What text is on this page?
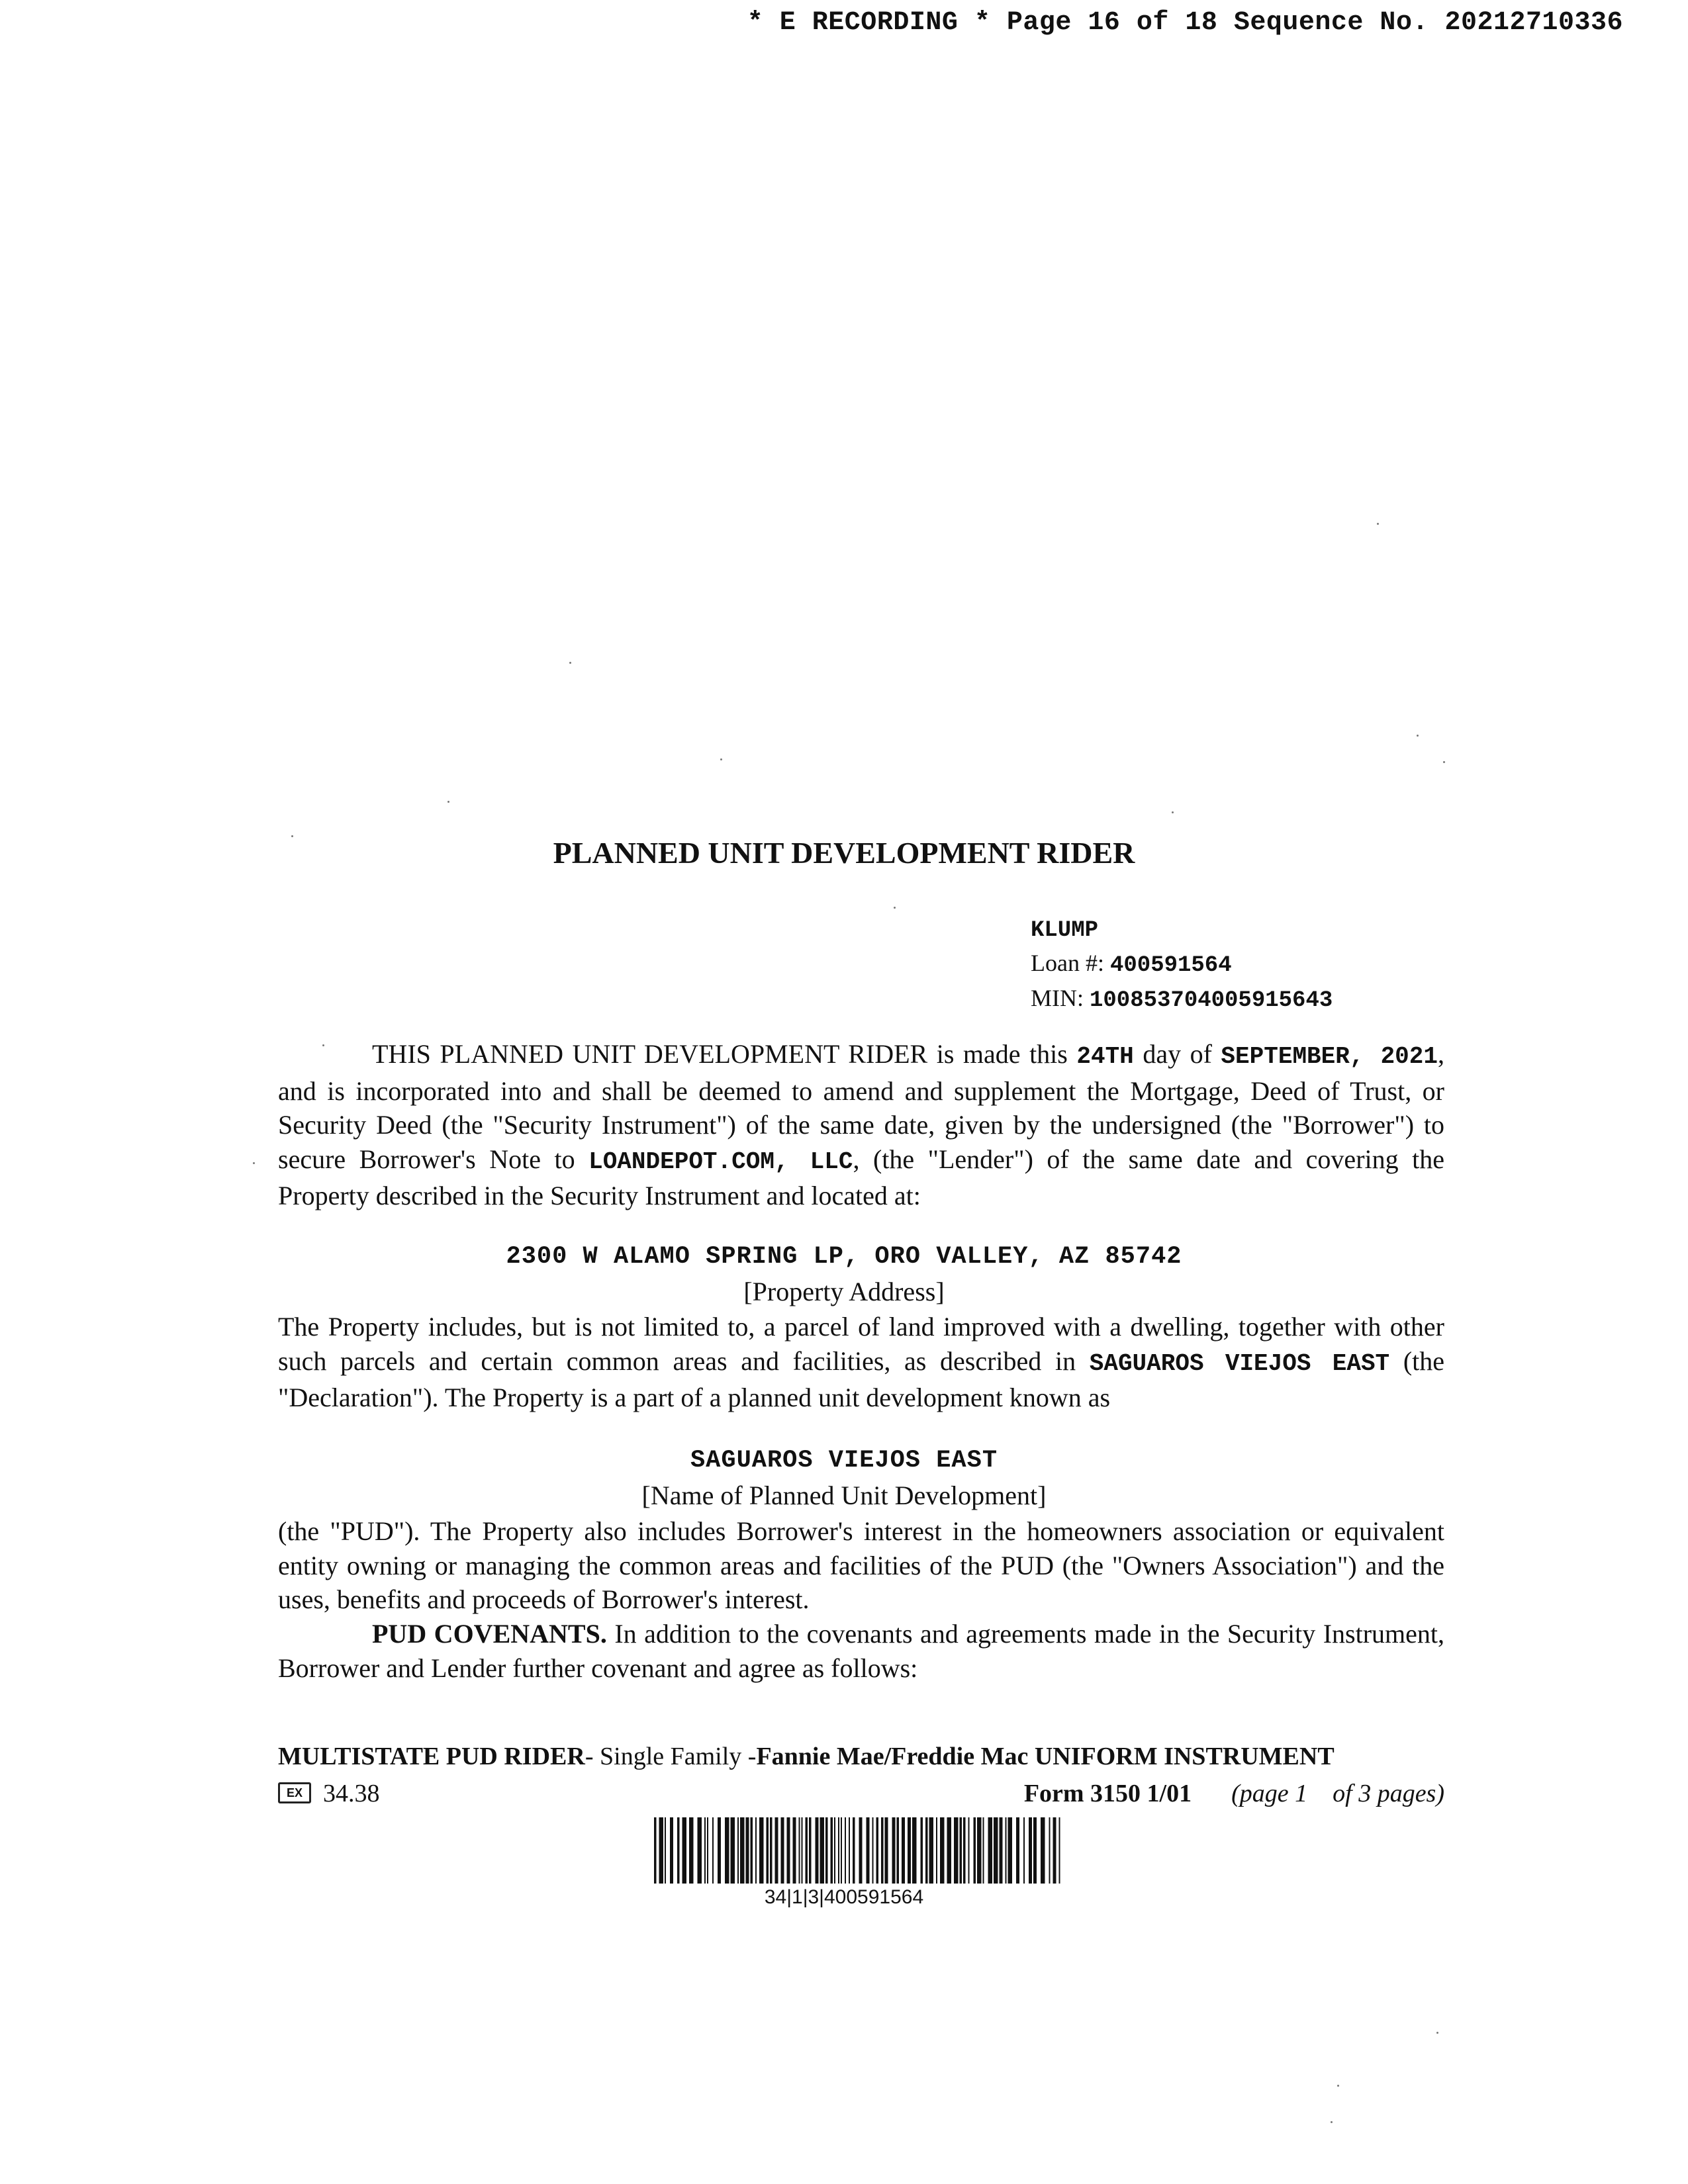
* E RECORDING * Page 16 of 18 Sequence No. 20212710336
PLANNED UNIT DEVELOPMENT RIDER
KLUMP
Loan #: 400591564
MIN: 100853704005915643
THIS PLANNED UNIT DEVELOPMENT RIDER is made this 24TH day of SEPTEMBER, 2021, and is incorporated into and shall be deemed to amend and supplement the Mortgage, Deed of Trust, or Security Deed (the "Security Instrument") of the same date, given by the undersigned (the "Borrower") to secure Borrower's Note to LOANDEPOT.COM, LLC, (the "Lender") of the same date and covering the Property described in the Security Instrument and located at:
2300 W ALAMO SPRING LP, ORO VALLEY, AZ 85742
[Property Address]
The Property includes, but is not limited to, a parcel of land improved with a dwelling, together with other such parcels and certain common areas and facilities, as described in SAGUAROS VIEJOS EAST (the "Declaration"). The Property is a part of a planned unit development known as
SAGUAROS VIEJOS EAST
[Name of Planned Unit Development]
(the "PUD"). The Property also includes Borrower's interest in the homeowners association or equivalent entity owning or managing the common areas and facilities of the PUD (the "Owners Association") and the uses, benefits and proceeds of Borrower's interest.
PUD COVENANTS. In addition to the covenants and agreements made in the Security Instrument, Borrower and Lender further covenant and agree as follows:
MULTISTATE PUD RIDER- Single Family -Fannie Mae/Freddie Mac UNIFORM INSTRUMENT
EX 34.38	Form 3150 1/01 (page 1    of 3 pages)
34|1|3|400591564
